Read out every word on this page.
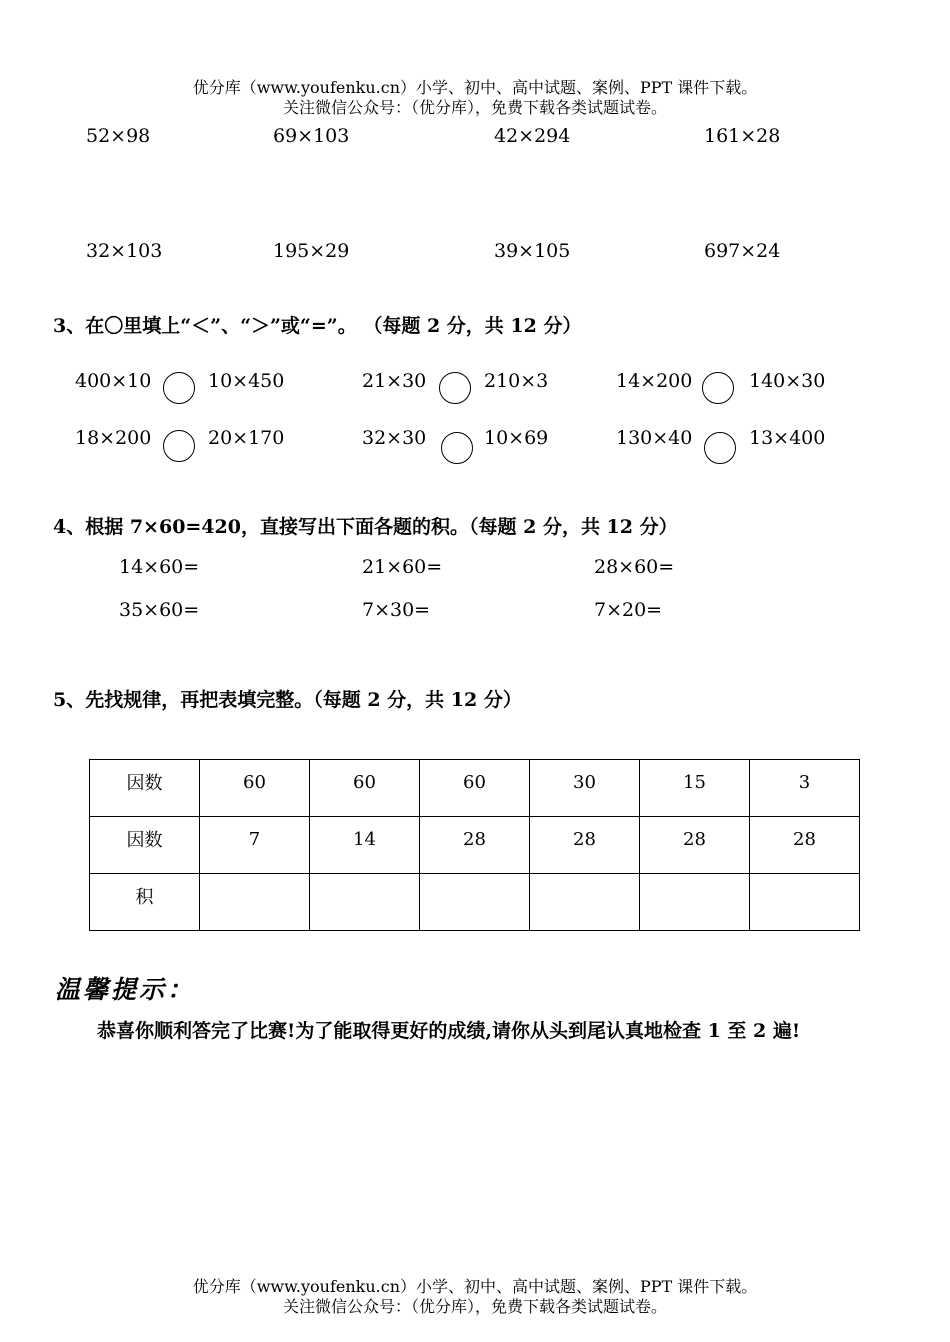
优分库（www.youfenku.cn）小学、初中、高中试题、案例、PPT 课件下载。
关注微信公众号：（优分库），免费下载各类试题试卷。
52×98	69×103	42×294	161×28
32×103	195×29	39×105	697×24
3、在〇里填上“＜”、“＞”或“=”。 （每题 2 分，共 12 分）
400×10	10×450	21×30	210×3	14×200	140×30
18×200	20×170	32×30	10×69	130×40	13×400
4、根据 7×60=420，直接写出下面各题的积。（每题 2 分，共 12 分）
14×60=	21×60=	28×60=
35×60=	7×30=	7×20=
5、先找规律，再把表填完整。（每题 2 分，共 12 分）
因数	60	60	60	30	15	3
因数	7	14	28	28	28	28
积						
温馨提示：
恭喜你顺利答完了比赛!为了能取得更好的成绩,请你从头到尾认真地检查 1 至 2 遍!
优分库（www.youfenku.cn）小学、初中、高中试题、案例、PPT 课件下载。
关注微信公众号：（优分库），免费下载各类试题试卷。
